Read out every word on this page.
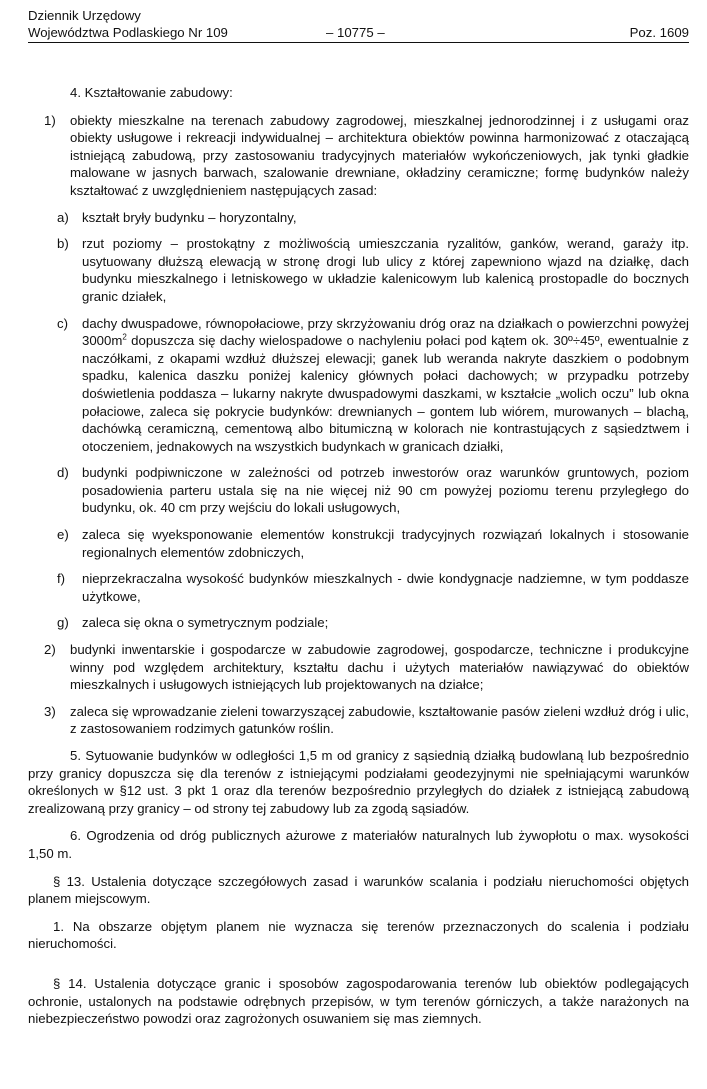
Dziennik Urzędowy
Województwa Podlaskiego Nr 109	– 10775 –	Poz. 1609

4. Kształtowanie zabudowy:

1) obiekty mieszkalne na terenach zabudowy zagrodowej, mieszkalnej jednorodzinnej i z usługami oraz obiekty usługowe i rekreacji indywidualnej – architektura obiektów powinna harmonizować z otaczającą istniejącą zabudową, przy zastosowaniu tradycyjnych materiałów wykończeniowych, jak tynki gładkie malowane w jasnych barwach, szalowanie drewniane, okładziny ceramiczne; formę budynków należy kształtować z uwzględnieniem następujących zasad:
a) kształt bryły budynku – horyzontalny,
b) rzut poziomy – prostokątny z możliwością umieszczania ryzalitów, ganków, werand, garaży itp. usytuowany dłuższą elewacją w stronę drogi lub ulicy z której zapewniono wjazd na działkę, dach budynku mieszkalnego i letniskowego w układzie kalenicowym lub kalenicą prostopadle do bocznych granic działek,
c) dachy dwuspadowe, równopołaciowe, przy skrzyżowaniu dróg oraz na działkach o powierzchni powyżej $3000m^2$ dopuszcza się dachy wielospadowe o nachyleniu połaci pod kątem ok. 30º÷45º, ewentualnie z naczółkami, z okapami wzdłuż dłuższej elewacji; ganek lub weranda nakryte daszkiem o podobnym spadku, kalenica daszku poniżej kalenicy głównych połaci dachowych; w przypadku potrzeby doświetlenia poddasza – lukarny nakryte dwuspadowymi daszkami, w kształcie „wolich oczu” lub okna połaciowe, zaleca się pokrycie budynków: drewnianych – gontem lub wiórem, murowanych – blachą, dachówką ceramiczną, cementową albo bitumiczną w kolorach nie kontrastujących z sąsiedztwem i otoczeniem, jednakowych na wszystkich budynkach w granicach działki,
d) budynki podpiwniczone w zależności od potrzeb inwestorów oraz warunków gruntowych, poziom posadowienia parteru ustala się na nie więcej niż 90 cm powyżej poziomu terenu przyległego do budynku, ok. 40 cm przy wejściu do lokali usługowych,
e) zaleca się wyeksponowanie elementów konstrukcji tradycyjnych rozwiązań lokalnych i stosowanie regionalnych elementów zdobniczych,
f) nieprzekraczalna wysokość budynków mieszkalnych - dwie kondygnacje nadziemne, w tym poddasze użytkowe,
g) zaleca się okna o symetrycznym podziale;
2) budynki inwentarskie i gospodarcze w zabudowie zagrodowej, gospodarcze, techniczne i produkcyjne winny pod względem architektury, kształtu dachu i użytych materiałów nawiązywać do obiektów mieszkalnych i usługowych istniejących lub projektowanych na działce;
3) zaleca się wprowadzanie zieleni towarzyszącej zabudowie, kształtowanie pasów zieleni wzdłuż dróg i ulic, z zastosowaniem rodzimych gatunków roślin.

5. Sytuowanie budynków w odległości 1,5 m od granicy z sąsiednią działką budowlaną lub bezpośrednio przy granicy dopuszcza się dla terenów z istniejącymi podziałami geodezyjnymi nie spełniającymi warunków określonych w §12 ust. 3 pkt 1 oraz dla terenów bezpośrednio przyległych do działek z istniejącą zabudową zrealizowaną przy granicy – od strony tej zabudowy lub za zgodą sąsiadów.

6. Ogrodzenia od dróg publicznych ażurowe z materiałów naturalnych lub żywopłotu o max. wysokości 1,50 m.

§ 13. Ustalenia dotyczące szczegółowych zasad i warunków scalania i podziału nieruchomości objętych planem miejscowym.

1. Na obszarze objętym planem nie wyznacza się terenów przeznaczonych do scalenia i podziału nieruchomości.

§ 14. Ustalenia dotyczące granic i sposobów zagospodarowania terenów lub obiektów podlegających ochronie, ustalonych na podstawie odrębnych przepisów, w tym terenów górniczych, a także narażonych na niebezpieczeństwo powodzi oraz zagrożonych osuwaniem się mas ziemnych.
